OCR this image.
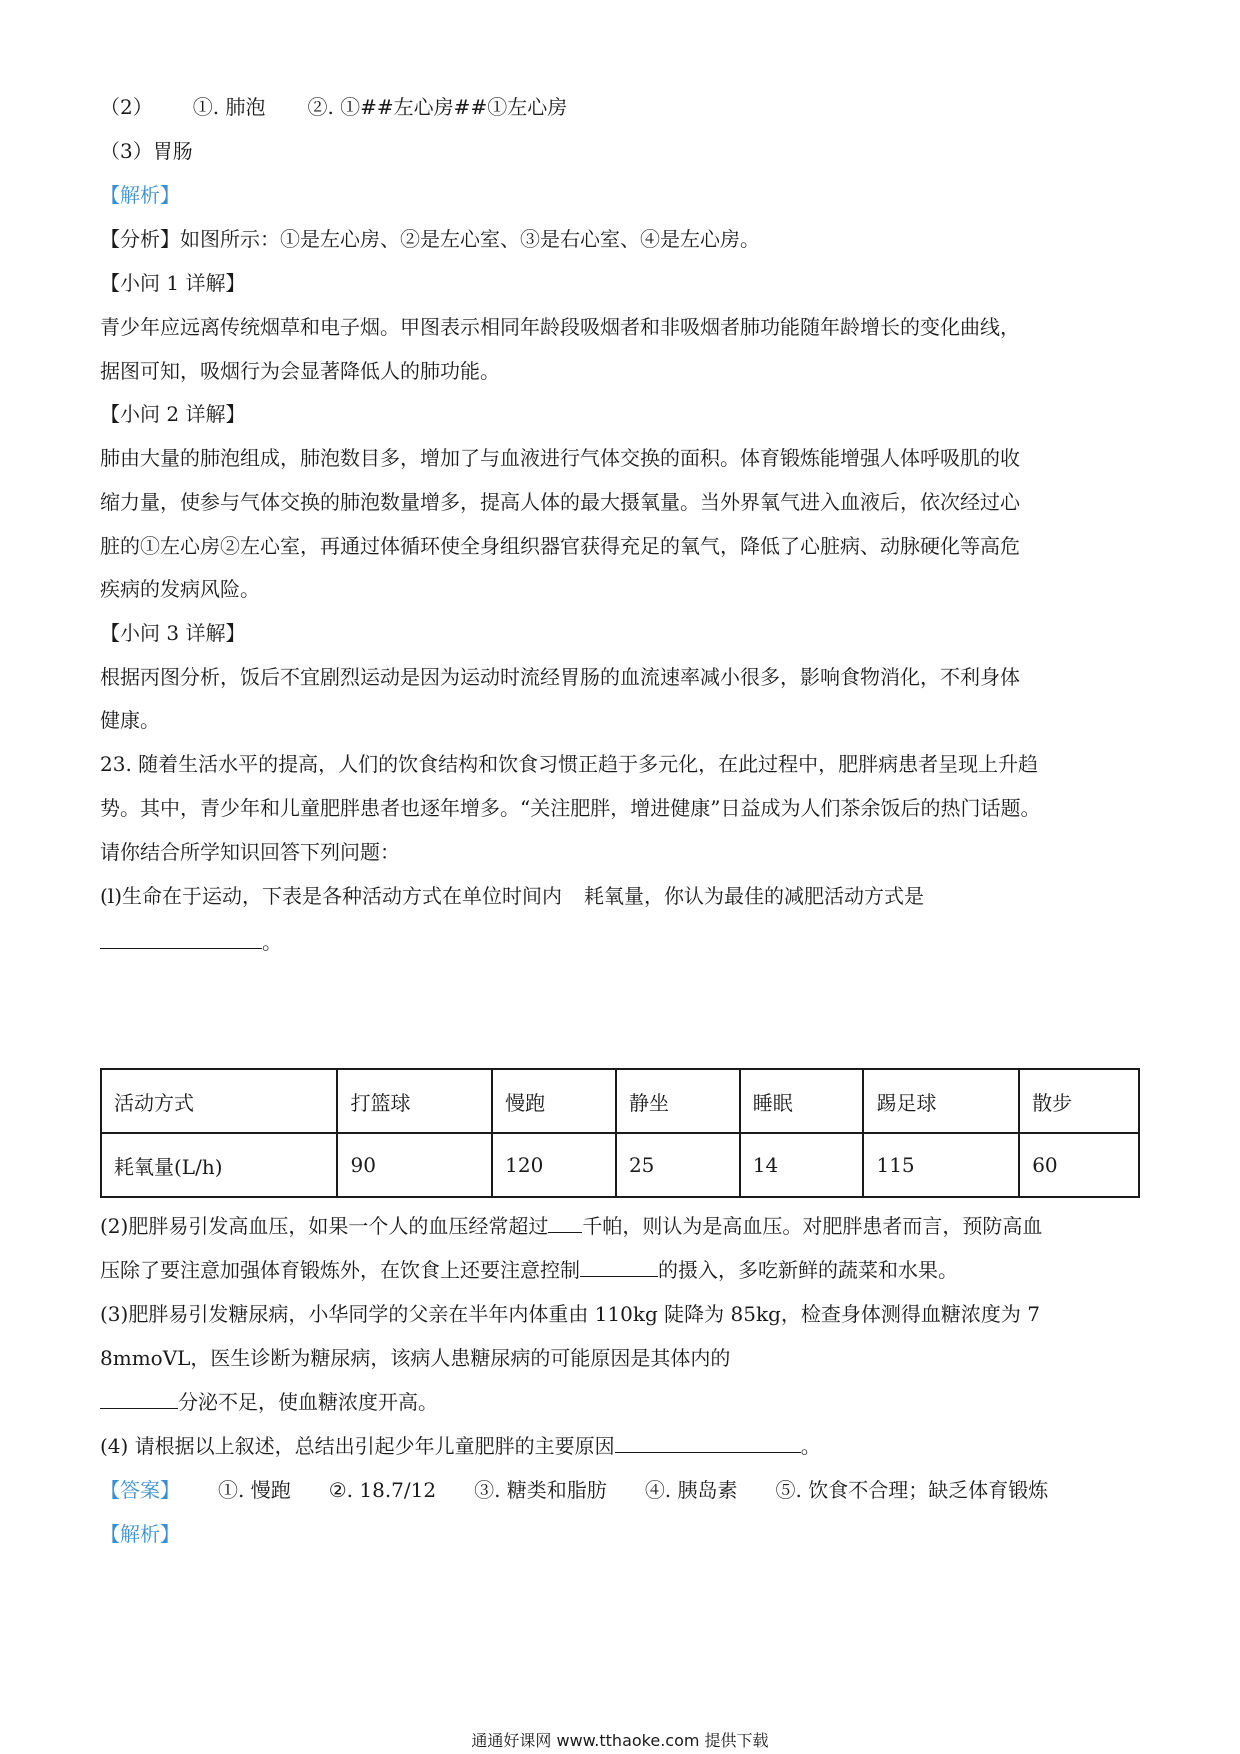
（2） ①. 肺泡 ②. ①##左心房##①左心房
（3）胃肠
【解析】
【分析】如图所示：①是左心房、②是左心室、③是右心室、④是左心房。
【小问 1 详解】
青少年应远离传统烟草和电子烟。甲图表示相同年龄段吸烟者和非吸烟者肺功能随年龄增长的变化曲线，
据图可知，吸烟行为会显著降低人的肺功能。
【小问 2 详解】
肺由大量的肺泡组成，肺泡数目多，增加了与血液进行气体交换的面积。体育锻炼能增强人体呼吸肌的收
缩力量，使参与气体交换的肺泡数量增多，提高人体的最大摄氧量。当外界氧气进入血液后，依次经过心
脏的①左心房②左心室，再通过体循环使全身组织器官获得充足的氧气，降低了心脏病、动脉硬化等高危
疾病的发病风险。
【小问 3 详解】
根据丙图分析，饭后不宜剧烈运动是因为运动时流经胃肠的血流速率减小很多，影响食物消化，不利身体
健康。
23. 随着生活水平的提高，人们的饮食结构和饮食习惯正趋于多元化，在此过程中，肥胖病患者呈现上升趋
势。其中，青少年和儿童肥胖患者也逐年增多。“关注肥胖，增进健康”日益成为人们茶余饭后的热门话题。
请你结合所学知识回答下列问题：
(l)生命在于运动，下表是各种活动方式在单位时间内 耗氧量，你认为最佳的减肥活动方式是
。
活动方式	打篮球	慢跑	静坐	睡眠	踢足球	散步
耗氧量(L/h)	90	120	25	14	115	60
(2)肥胖易引发高血压，如果一个人的血压经常超过 千帕，则认为是高血压。对肥胖患者而言，预防高血
压除了要注意加强体育锻炼外，在饮食上还要注意控制	的摄入，多吃新鲜的蔬菜和水果。
(3)肥胖易引发糖尿病，小华同学的父亲在半年内体重由 110kg 陡降为 85kg，检查身体测得血糖浓度为 7
8mmoVL，医生诊断为糖尿病，该病人患糖尿病的可能原因是其体内的
分泌不足，使血糖浓度开高。
(4) 请根据以上叙述，总结出引起少年儿童肥胖的主要原因	。
【答案】 ①. 慢跑 ②. 18.7/12 ③. 糖类和脂肪 ④. 胰岛素 ⑤. 饮食不合理；缺乏体育锻炼
【解析】
通通好课网 www.tthaoke.com 提供下载
